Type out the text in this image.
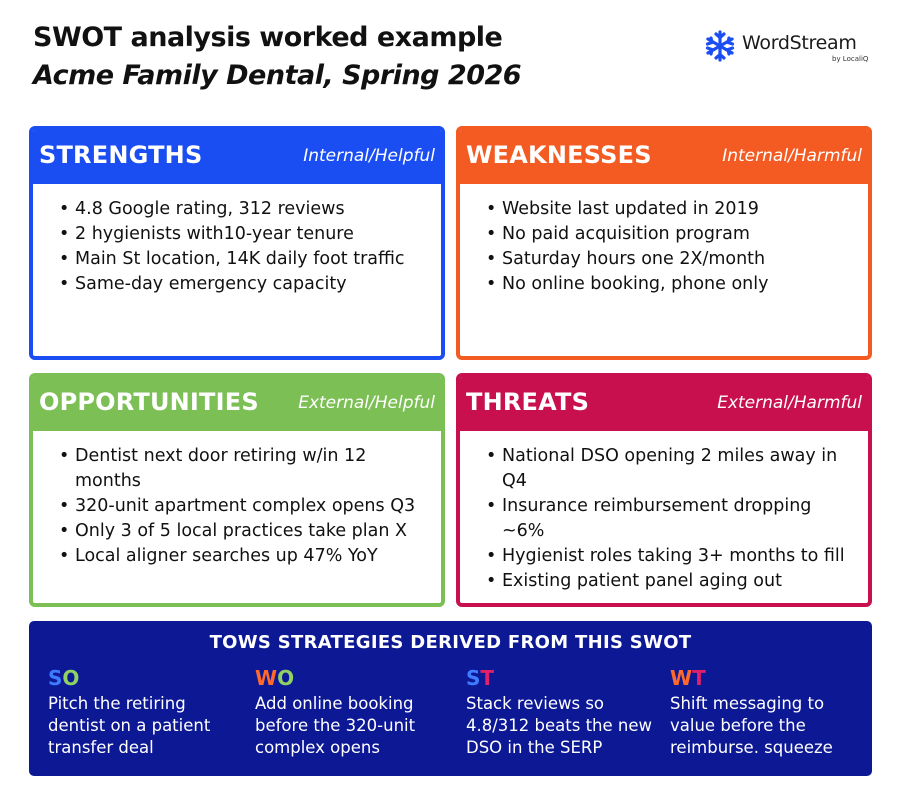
SWOT analysis worked example
Acme Family Dental, Spring 2026
WordStream
by LocaliQ
STRENGTHS	Internal/Helpful
• 4.8 Google rating, 312 reviews
• 2 hygienists with10-year tenure
• Main St location, 14K daily foot traffic
• Same-day emergency capacity
WEAKNESSES	Internal/Harmful
• Website last updated in 2019
• No paid acquisition program
• Saturday hours one 2X/month
• No online booking, phone only
OPPORTUNITIES External/Helpful
• Dentist next door retiring w/in 12 months
• 320-unit apartment complex opens Q3
• Only 3 of 5 local practices take plan X
• Local aligner searches up 47% YoY
THREATS	External/Harmful
• National DSO opening 2 miles away in Q4
• Insurance reimbursement dropping ~6%
• Hygienist roles taking 3+ months to fill
• Existing patient panel aging out
TOWS STRATEGIES DERIVED FROM THIS SWOT
SO
Pitch the retiring dentist on a patient transfer deal
WO
Add online booking before the 320-unit complex opens
ST
Stack reviews so 4.8/312 beats the new DSO in the SERP
WT
Shift messaging to value before the reimburse. squeeze
